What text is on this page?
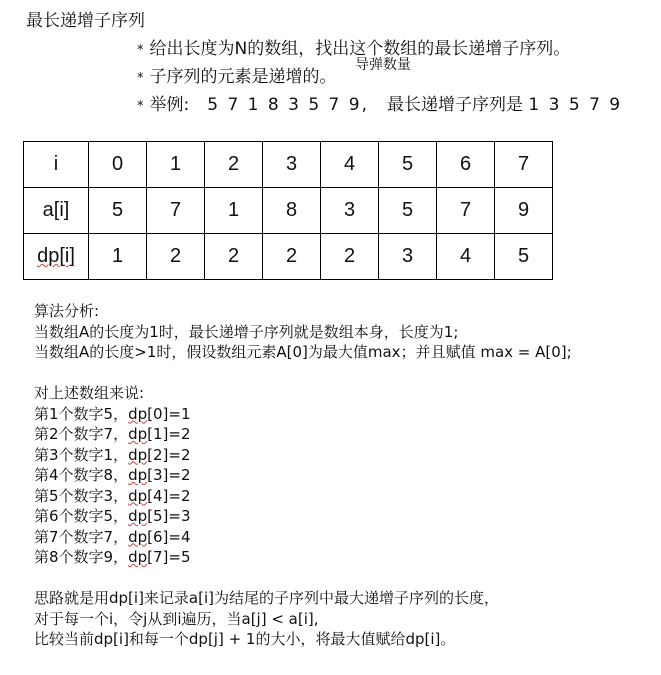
最长递增子序列
* 给出长度为N的数组，找出这个数组的最长递增子序列。
* 子序列的元素是递增的。
* 举例: 5 7 1 8 3 5 7 9, 最长递增子序列是 1 3 5 7 9
导弹数量
i	0	1	2	3	4	5	6	7
a[i]	5	7	1	8	3	5	7	9
dp[i]	1	2	2	2	2	3	4	5
算法分析:
当数组A的长度为1时，最长递增子序列就是数组本身，长度为1;
当数组A的长度>1时，假设数组元素A[0]为最大值max；并且赋值 max = A[0];
对上述数组来说:
第1个数字5，dp[0]=1
第2个数字7，dp[1]=2
第3个数字1，dp[2]=2
第4个数字8，dp[3]=2
第5个数字3，dp[4]=2
第6个数字5，dp[5]=3
第7个数字7，dp[6]=4
第8个数字9，dp[7]=5
思路就是用dp[i]来记录a[i]为结尾的子序列中最大递增子序列的长度，
对于每一个i，令j从到i遍历，当a[j] < a[i],
比较当前dp[i]和每一个dp[j] + 1的大小，将最大值赋给dp[i]。
